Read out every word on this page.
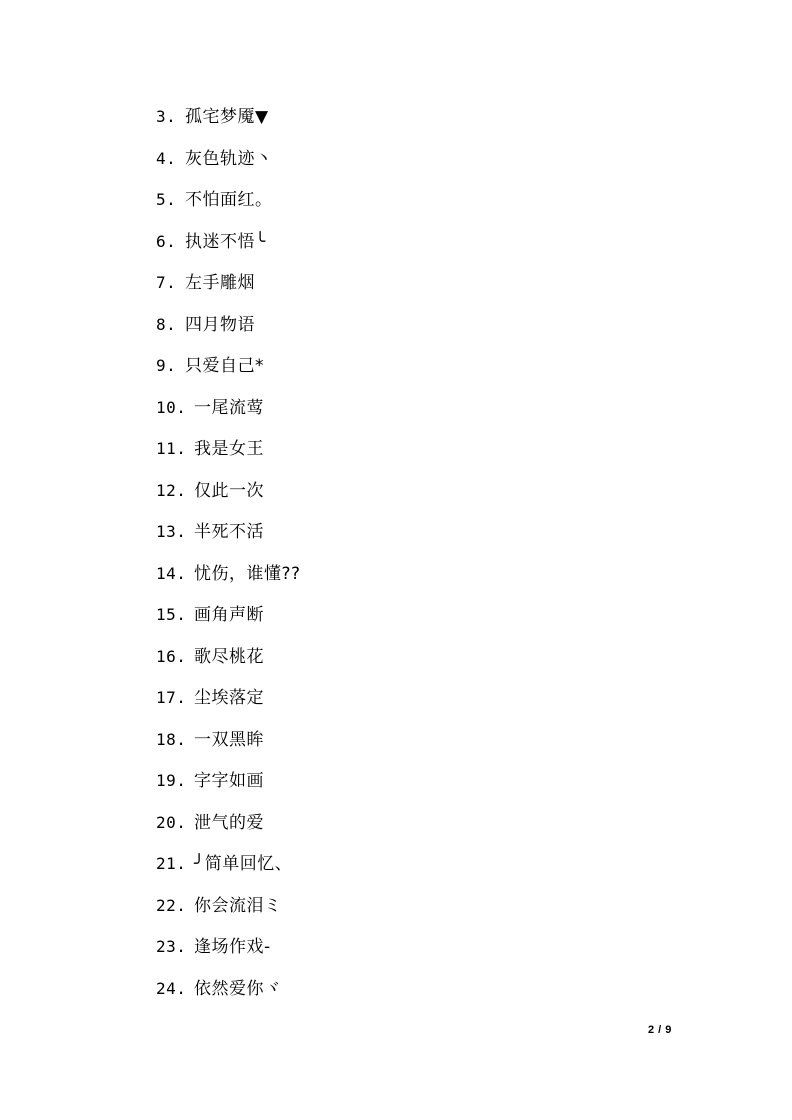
3. 孤宅梦魇▼
4. 灰色轨迹丶
5. 不怕面红。
6. 执迷不悟╰
7. 左手雕烟
8. 四月物语
9. 只爱自己*
10. 一尾流莺
11. 我是女王
12. 仅此一次
13. 半死不活
14. 忧伤，谁懂??
15. 画角声断
16. 歌尽桃花
17. 尘埃落定
18. 一双黑眸
19. 字字如画
20. 泄气的爱
21. ╯简单回忆、
22. 你会流泪ミ
23. 逢场作戏-
24. 依然爱你ヾ
2 / 9
